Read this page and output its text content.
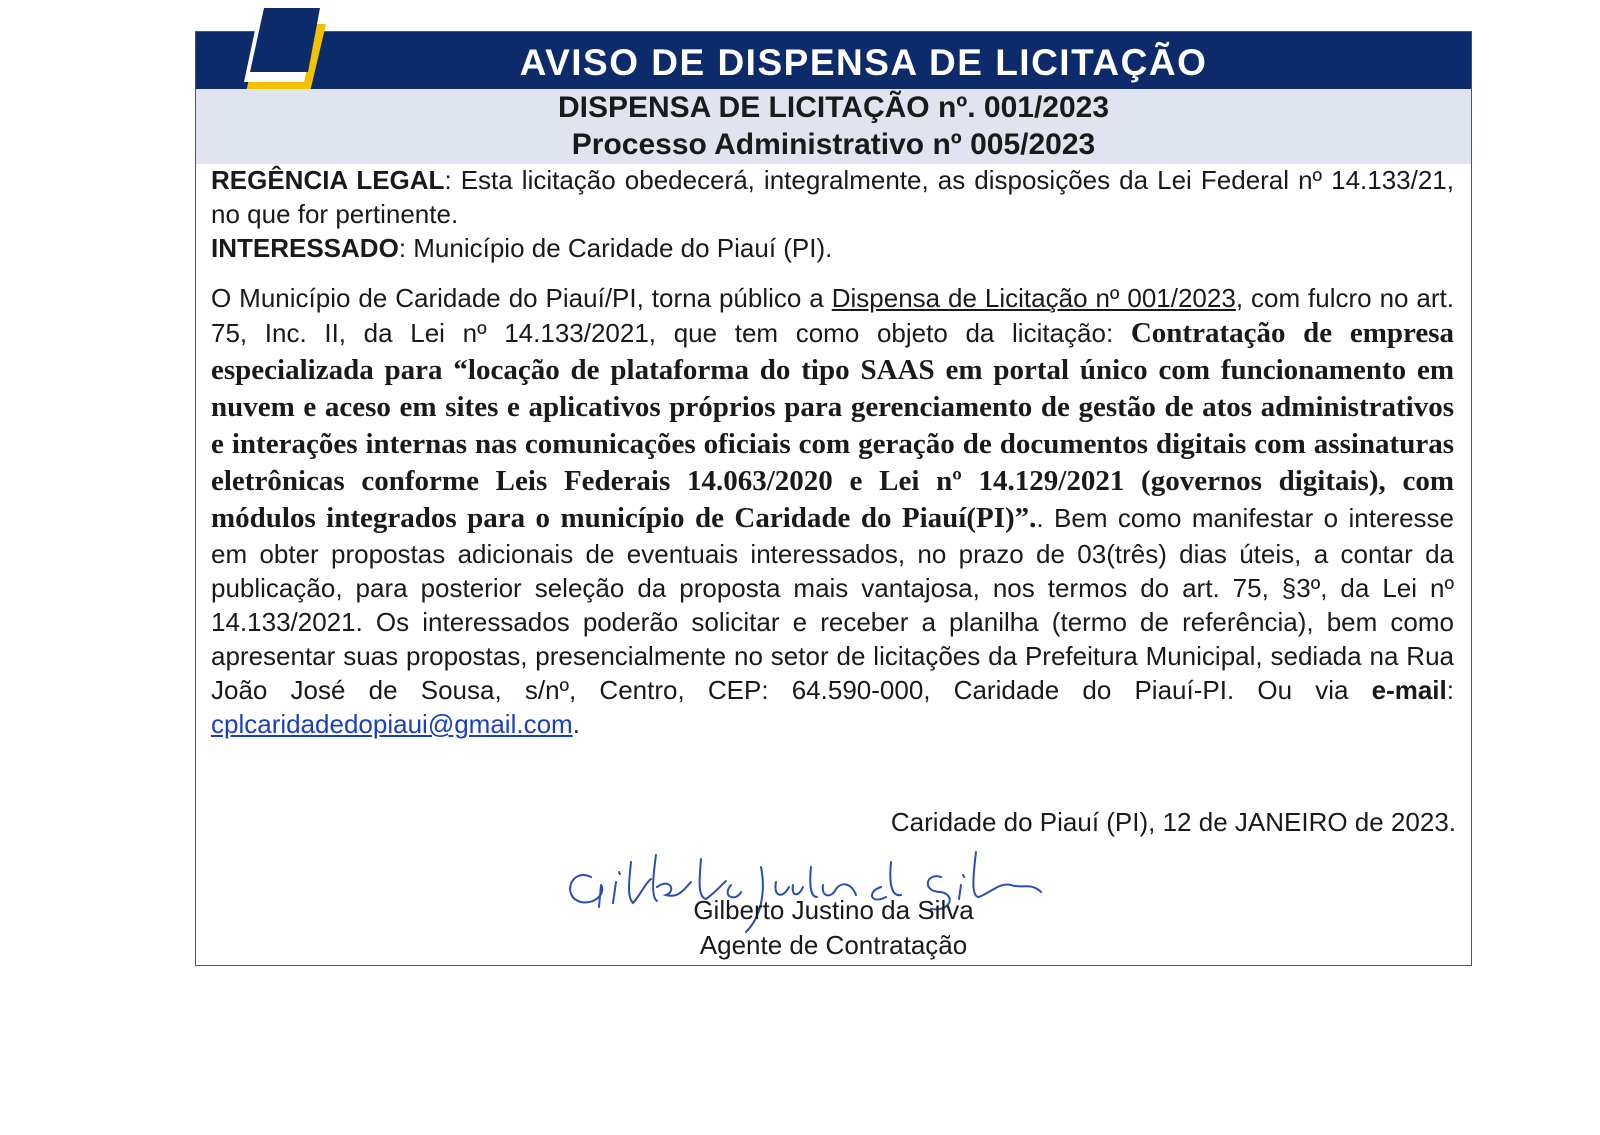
AVISO DE DISPENSA DE LICITAÇÃO
DISPENSA DE LICITAÇÃO nº. 001/2023
Processo Administrativo nº 005/2023

REGÊNCIA LEGAL: Esta licitação obedecerá, integralmente, as disposições da Lei Federal nº 14.133/21, no que for pertinente.

INTERESSADO: Município de Caridade do Piauí (PI).

O Município de Caridade do Piauí/PI, torna público a Dispensa de Licitação nº 001/2023, com fulcro no art. 75, Inc. II, da Lei nº 14.133/2021, que tem como objeto da licitação: Contratação de empresa especializada para “locação de plataforma do tipo SAAS em portal único com funcionamento em nuvem e aceso em sites e aplicativos próprios para gerenciamento de gestão de atos administrativos e interações internas nas comunicações oficiais com geração de documentos digitais com assinaturas eletrônicas conforme Leis Federais 14.063/2020 e Lei nº 14.129/2021 (governos digitais), com módulos integrados para o município de Caridade do Piauí(PI)”.. Bem como manifestar o interesse em obter propostas adicionais de eventuais interessados, no prazo de 03(três) dias úteis, a contar da publicação, para posterior seleção da proposta mais vantajosa, nos termos do art. 75, §3º, da Lei nº 14.133/2021. Os interessados poderão solicitar e receber a planilha (termo de referência), bem como apresentar suas propostas, presencialmente no setor de licitações da Prefeitura Municipal, sediada na Rua João José de Sousa, s/nº, Centro, CEP: 64.590-000, Caridade do Piauí-PI. Ou via e-mail: cplcaridadedopiaui@gmail.com.

Caridade do Piauí (PI), 12 de JANEIRO de 2023.
Gilberto Justino da Silva
Agente de Contratação
